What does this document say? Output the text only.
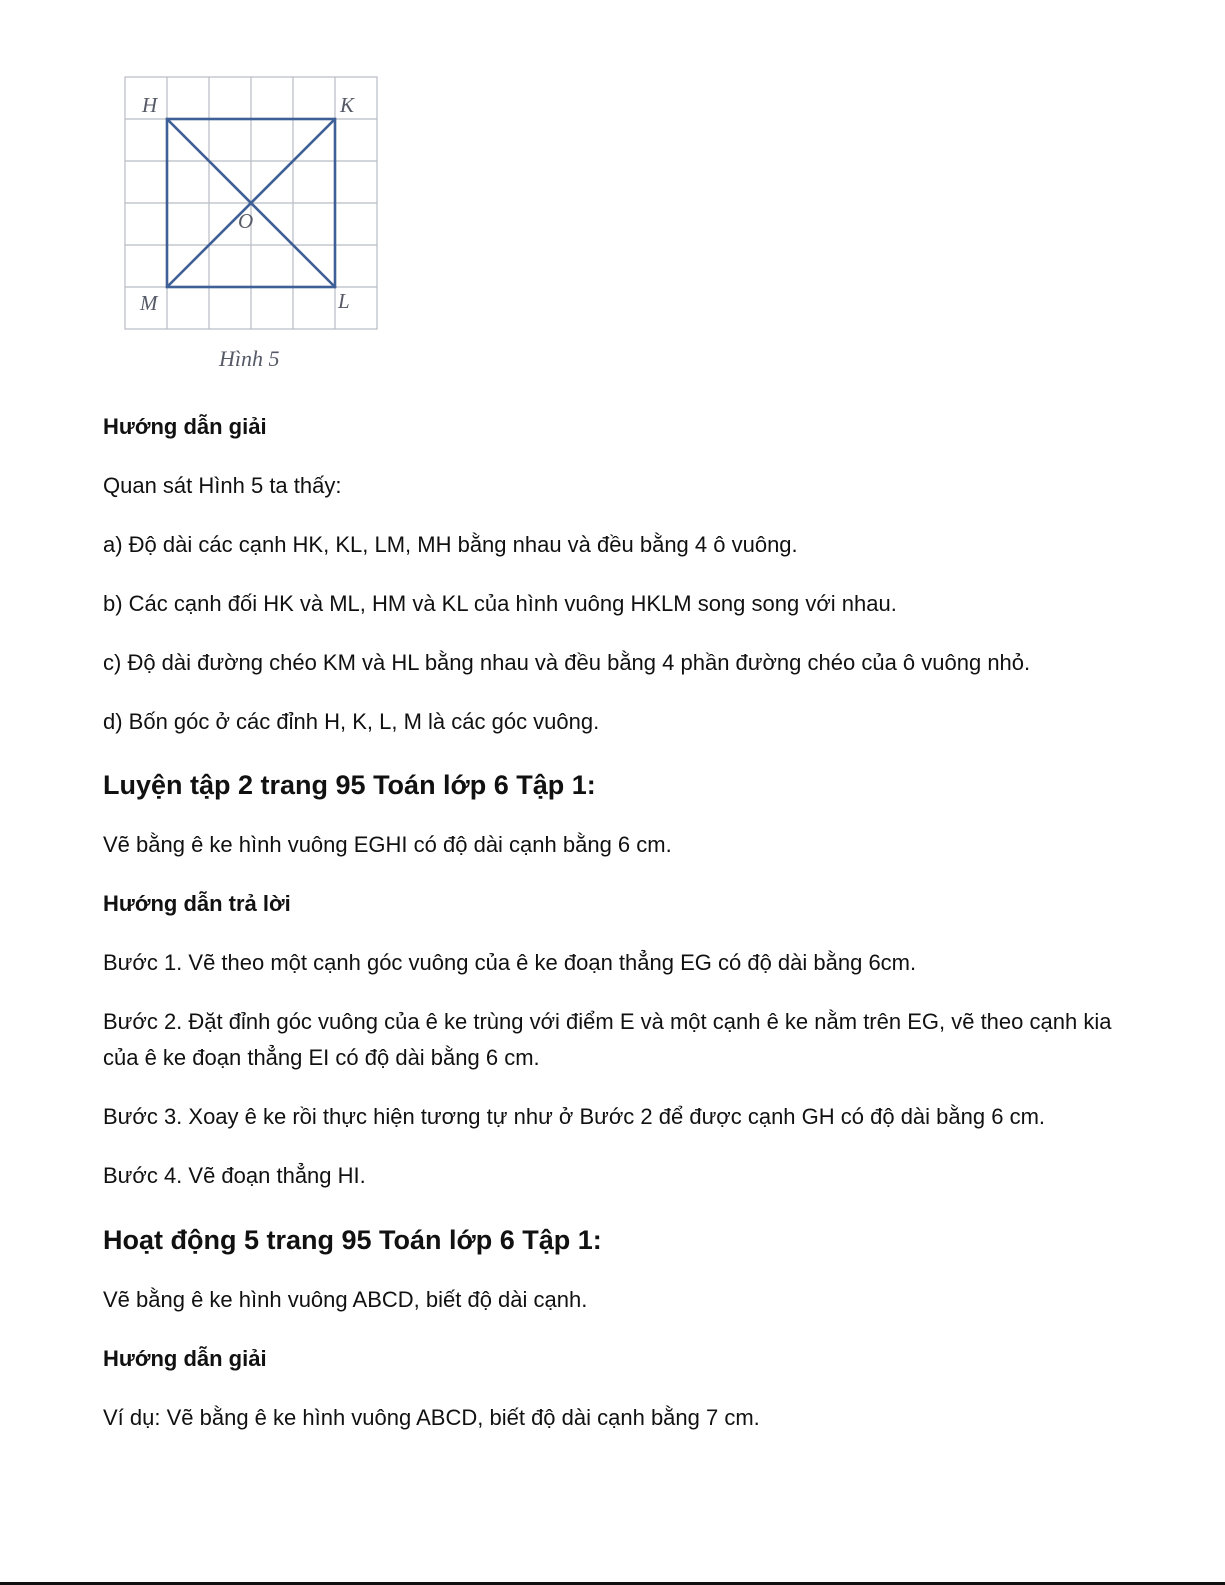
H	K
O
M	L
Hình 5

Hướng dẫn giải

Quan sát Hình 5 ta thấy:

a) Độ dài các cạnh HK, KL, LM, MH bằng nhau và đều bằng 4 ô vuông.

b) Các cạnh đối HK và ML, HM và KL của hình vuông HKLM song song với nhau.

c) Độ dài đường chéo KM và HL bằng nhau và đều bằng 4 phần đường chéo của ô vuông nhỏ.

d) Bốn góc ở các đỉnh H, K, L, M là các góc vuông.

Luyện tập 2 trang 95 Toán lớp 6 Tập 1:

Vẽ bằng ê ke hình vuông EGHI có độ dài cạnh bằng 6 cm.

Hướng dẫn trả lời

Bước 1. Vẽ theo một cạnh góc vuông của ê ke đoạn thẳng EG có độ dài bằng 6cm.

Bước 2. Đặt đỉnh góc vuông của ê ke trùng với điểm E và một cạnh ê ke nằm trên EG, vẽ theo cạnh kia của ê ke đoạn thẳng EI có độ dài bằng 6 cm.

Bước 3. Xoay ê ke rồi thực hiện tương tự như ở Bước 2 để được cạnh GH có độ dài bằng 6 cm.

Bước 4. Vẽ đoạn thẳng HI.

Hoạt động 5 trang 95 Toán lớp 6 Tập 1:

Vẽ bằng ê ke hình vuông ABCD, biết độ dài cạnh.

Hướng dẫn giải

Ví dụ: Vẽ bằng ê ke hình vuông ABCD, biết độ dài cạnh bằng 7 cm.
